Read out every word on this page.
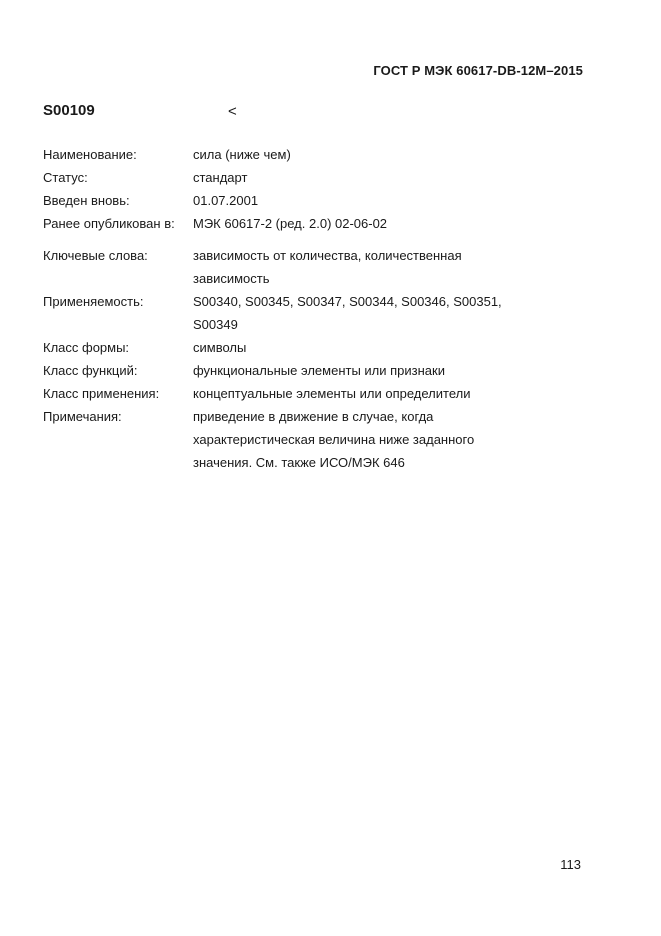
ГОСТ Р МЭК 60617-DB-12M–2015
S00109	<
Наименование:	сила (ниже чем)
Статус:	стандарт
Введен вновь:	01.07.2001
Ранее опубликован в:	МЭК 60617-2 (ред. 2.0) 02-06-02
Ключевые слова:	зависимость от количества, количественная зависимость
Применяемость:	S00340, S00345, S00347, S00344, S00346, S00351, S00349
Класс формы:	символы
Класс функций:	функциональные элементы или признаки
Класс применения:	концептуальные элементы или определители
Примечания:	приведение в движение в случае, когда характеристическая величина ниже заданного значения. См. также ИСО/МЭК 646
113
